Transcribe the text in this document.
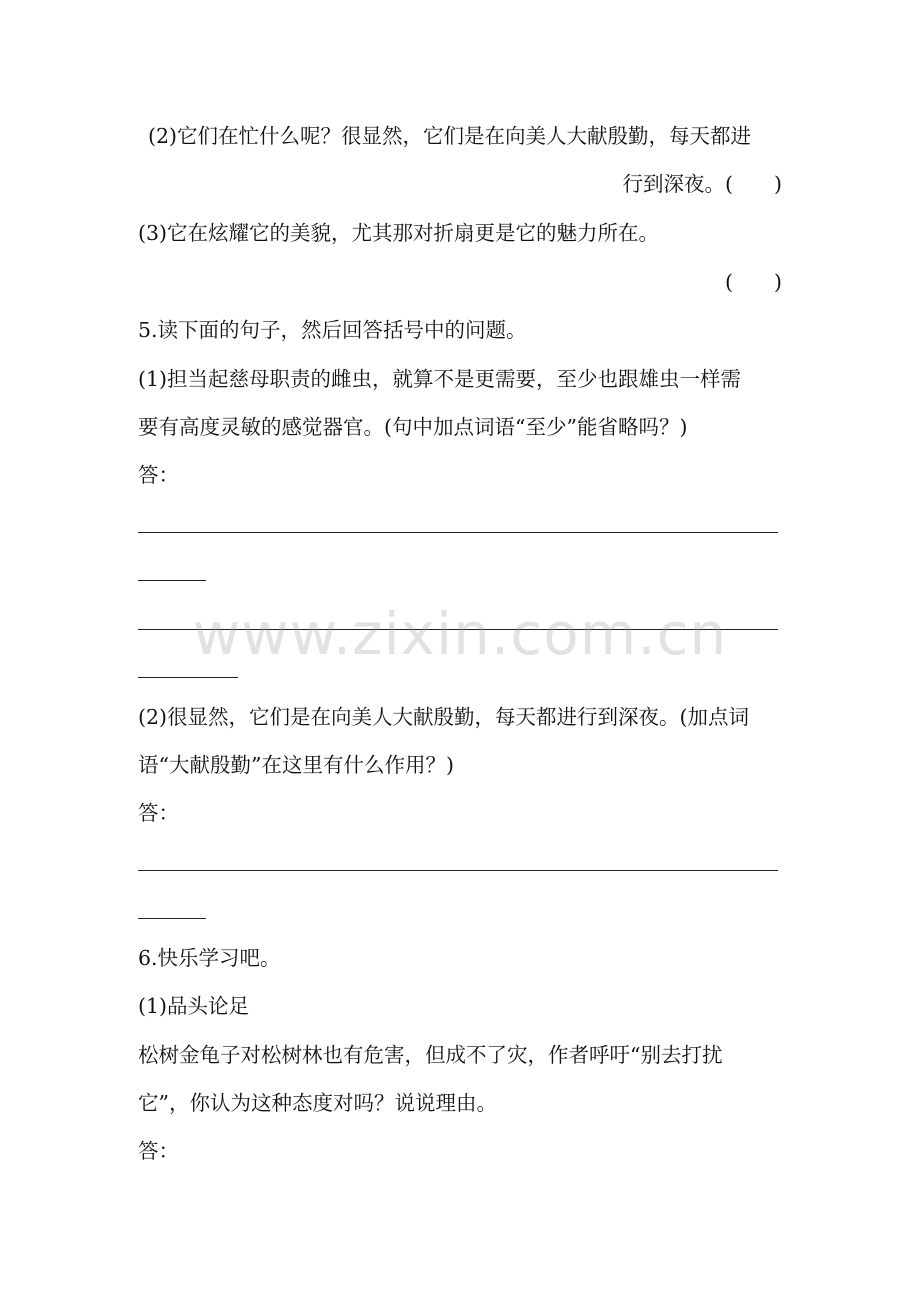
(2)它们在忙什么呢？很显然，它们是在向美人大献殷勤，每天都进
行到深夜。(　　)
(3)它在炫耀它的美貌，尤其那对折扇更是它的魅力所在。
(　　)
5.读下面的句子，然后回答括号中的问题。
(1)担当起慈母职责的雌虫，就算不是更需要，至少也跟雄虫一样需
要有高度灵敏的感觉器官。(句中加点词语“至少”能省略吗？)
答：
(2)很显然，它们是在向美人大献殷勤，每天都进行到深夜。(加点词
语“大献殷勤”在这里有什么作用？)
答：
6.快乐学习吧。
(1)品头论足
松树金龟子对松树林也有危害，但成不了灾，作者呼吁“别去打扰
它”，你认为这种态度对吗？说说理由。
答：
www.zixin.com.cn
